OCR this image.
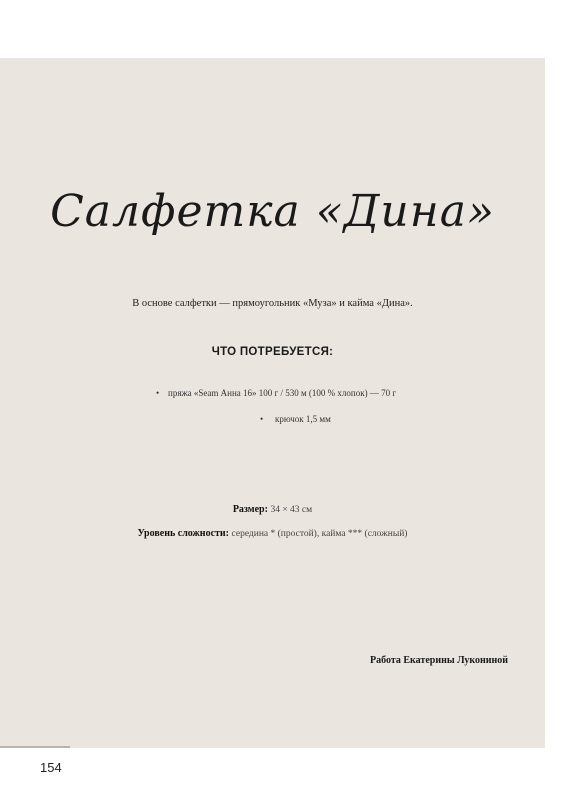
Салфетка «Дина»
В основе салфетки — прямоугольник «Муза» и кайма «Дина».
ЧТО ПОТРЕБУЕТСЯ:
• пряжа «Seam Анна 16» 100 г / 530 м (100 % хлопок) — 70 г
• крючок 1,5 мм
Размер: 34 × 43 см
Уровень сложности: серединa * (простой), кайма *** (сложный)
Работа Екатерины Лукониной
154
